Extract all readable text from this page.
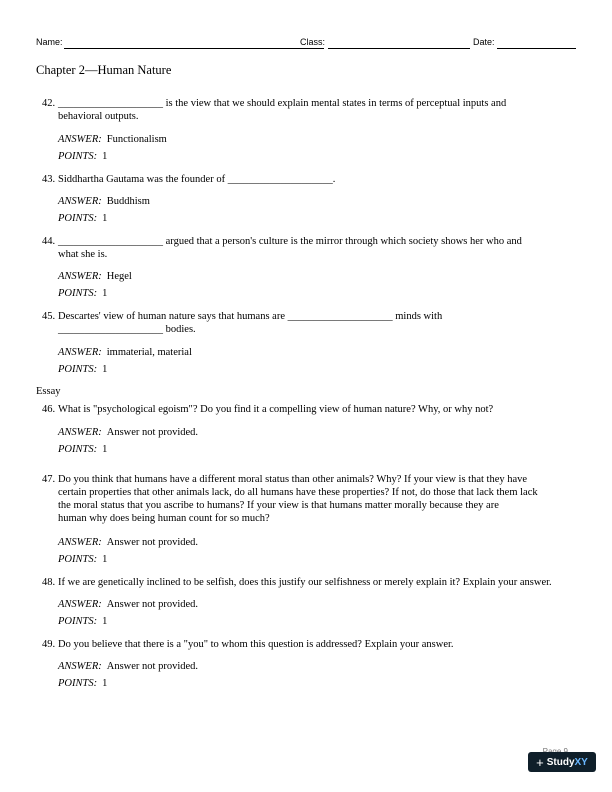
Name:	Class:	Date:
Chapter 2—Human Nature
42. ____________________ is the view that we should explain mental states in terms of perceptual inputs and
behavioral outputs.
ANSWER: Functionalism
POINTS: 1
43. Siddhartha Gautama was the founder of ____________________.
ANSWER: Buddhism
POINTS: 1
44. ____________________ argued that a person's culture is the mirror through which society shows her who and
what she is.
ANSWER: Hegel
POINTS: 1
45. Descartes' view of human nature says that humans are ____________________ minds with
____________________ bodies.
ANSWER: immaterial, material
POINTS: 1
Essay
46. What is "psychological egoism"? Do you find it a compelling view of human nature? Why, or why not?
ANSWER: Answer not provided.
POINTS: 1
47. Do you think that humans have a different moral status than other animals? Why? If your view is that they have
certain properties that other animals lack, do all humans have these properties? If not, do those that lack them lack
the moral status that you ascribe to humans? If your view is that humans matter morally because they are
human why does being human count for so much?
ANSWER: Answer not provided.
POINTS: 1
48. If we are genetically inclined to be selfish, does this justify our selfishness or merely explain it? Explain your answer.
ANSWER: Answer not provided.
POINTS: 1
49. Do you believe that there is a "you" to whom this question is addressed? Explain your answer.
ANSWER: Answer not provided.
POINTS: 1
+ StudyXY
